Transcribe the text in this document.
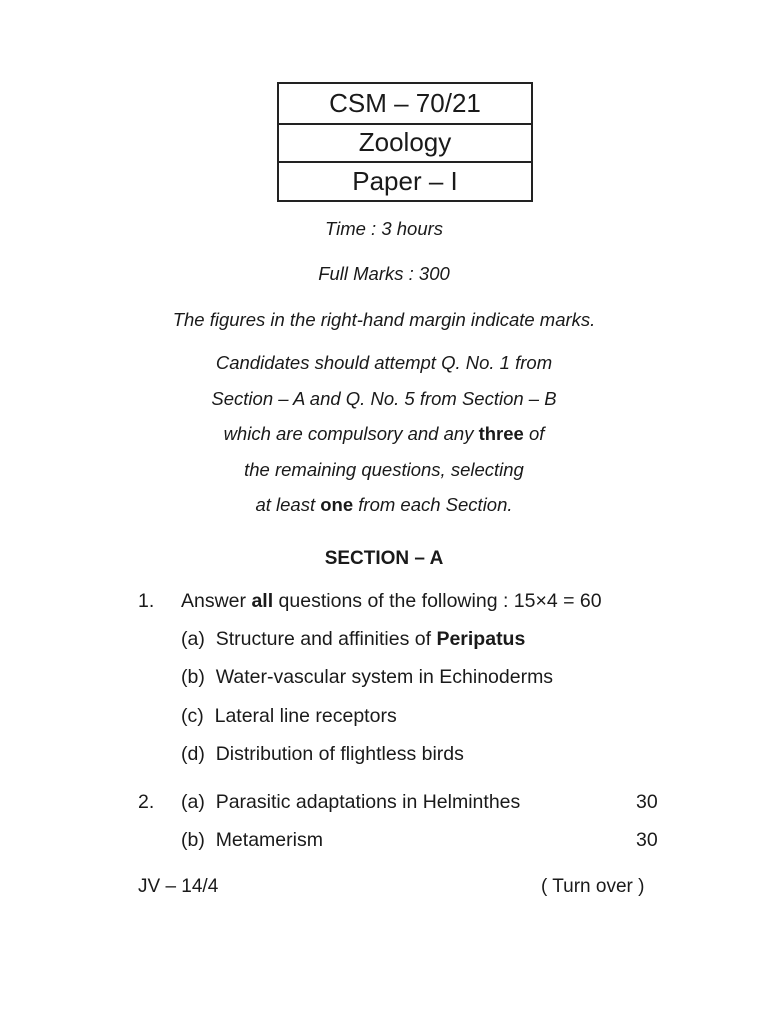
CSM – 70/21
Zoology
Paper – I
Time : 3 hours
Full Marks : 300
The figures in the right-hand margin indicate marks.
Candidates should attempt Q. No. 1 from
Section – A and Q. No. 5 from Section – B
which are compulsory and any three of
the remaining questions, selecting
at least one from each Section.
SECTION – A
1. Answer all questions of the following : 15×4 = 60
(a) Structure and affinities of Peripatus
(b) Water-vascular system in Echinoderms
(c) Lateral line receptors
(d) Distribution of flightless birds
2. (a) Parasitic adaptations in Helminthes	30
(b) Metamerism	30
JV – 14/4	( Turn over )
